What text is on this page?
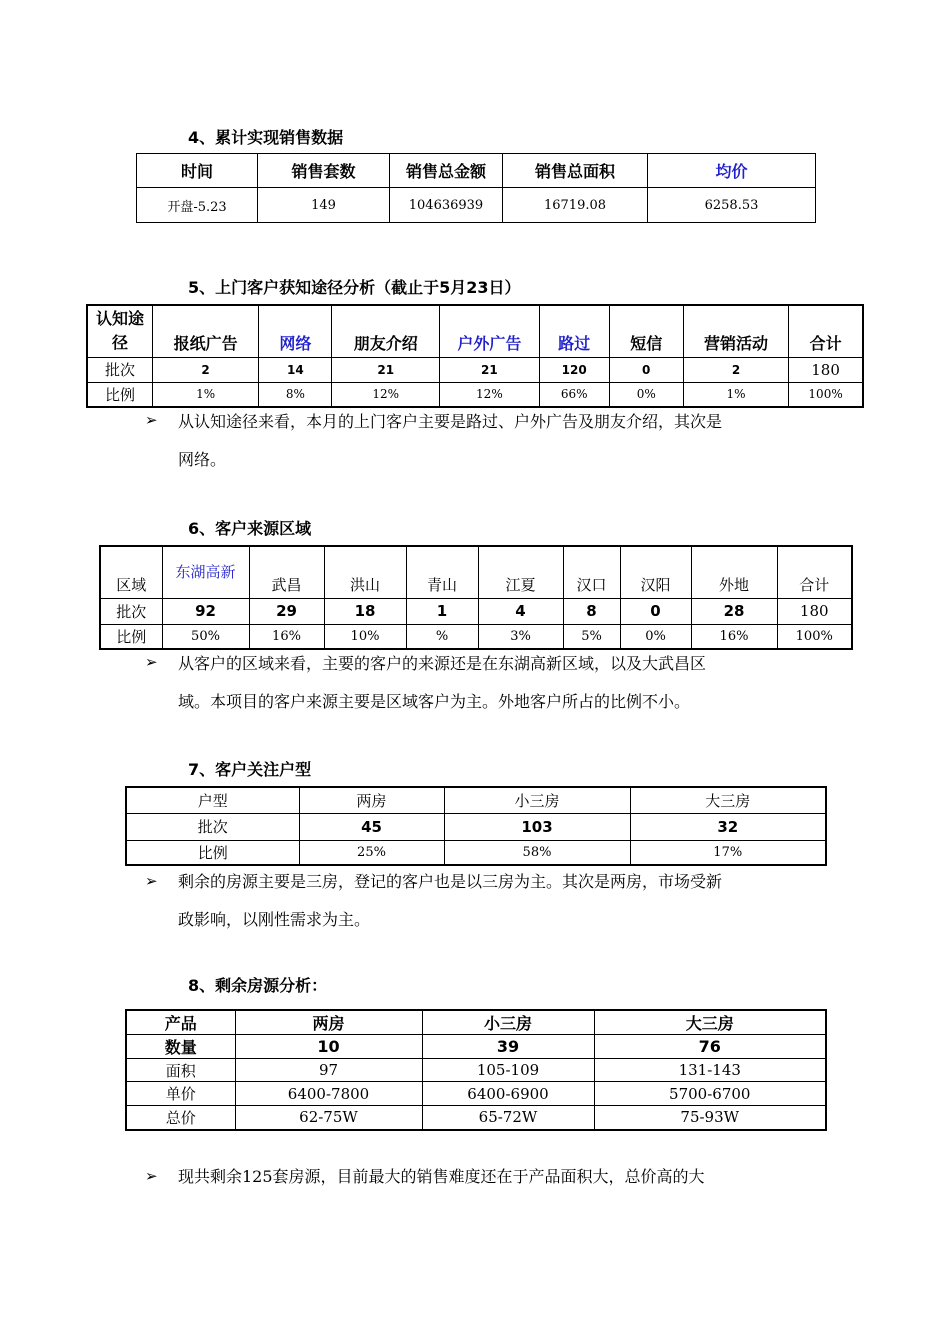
4、累计实现销售数据
时间	销售套数	销售总金额	销售总面积	均价
开盘-5.23	149	104636939	16719.08	6258.53
5、上门客户获知途径分析（截止于5月23日）
认知途径	报纸广告	网络	朋友介绍	户外广告	路过	短信	营销活动	合计
批次	2	14	21	21	120	0	2	180
比例	1%	8%	12%	12%	66%	0%	1%	100%
➢ 从认知途径来看，本月的上门客户主要是路过、户外广告及朋友介绍，其次是
网络。
6、客户来源区域
区域	东湖高新	武昌	洪山	青山	江夏	汉口	汉阳	外地	合计
批次	92	29	18	1	4	8	0	28	180
比例	50%	16%	10%	%	3%	5%	0%	16%	100%
➢ 从客户的区域来看，主要的客户的来源还是在东湖高新区域，以及大武昌区
域。本项目的客户来源主要是区域客户为主。外地客户所占的比例不小。
7、客户关注户型
户型	两房	小三房	大三房
批次	45	103	32
比例	25%	58%	17%
➢ 剩余的房源主要是三房，登记的客户也是以三房为主。其次是两房，市场受新
政影响，以刚性需求为主。
8、剩余房源分析：
产品	两房	小三房	大三房
数量	10	39	76
面积	97	105-109	131-143
单价	6400-7800	6400-6900	5700-6700
总价	62-75W	65-72W	75-93W
➢ 现共剩余125套房源，目前最大的销售难度还在于产品面积大，总价高的大
